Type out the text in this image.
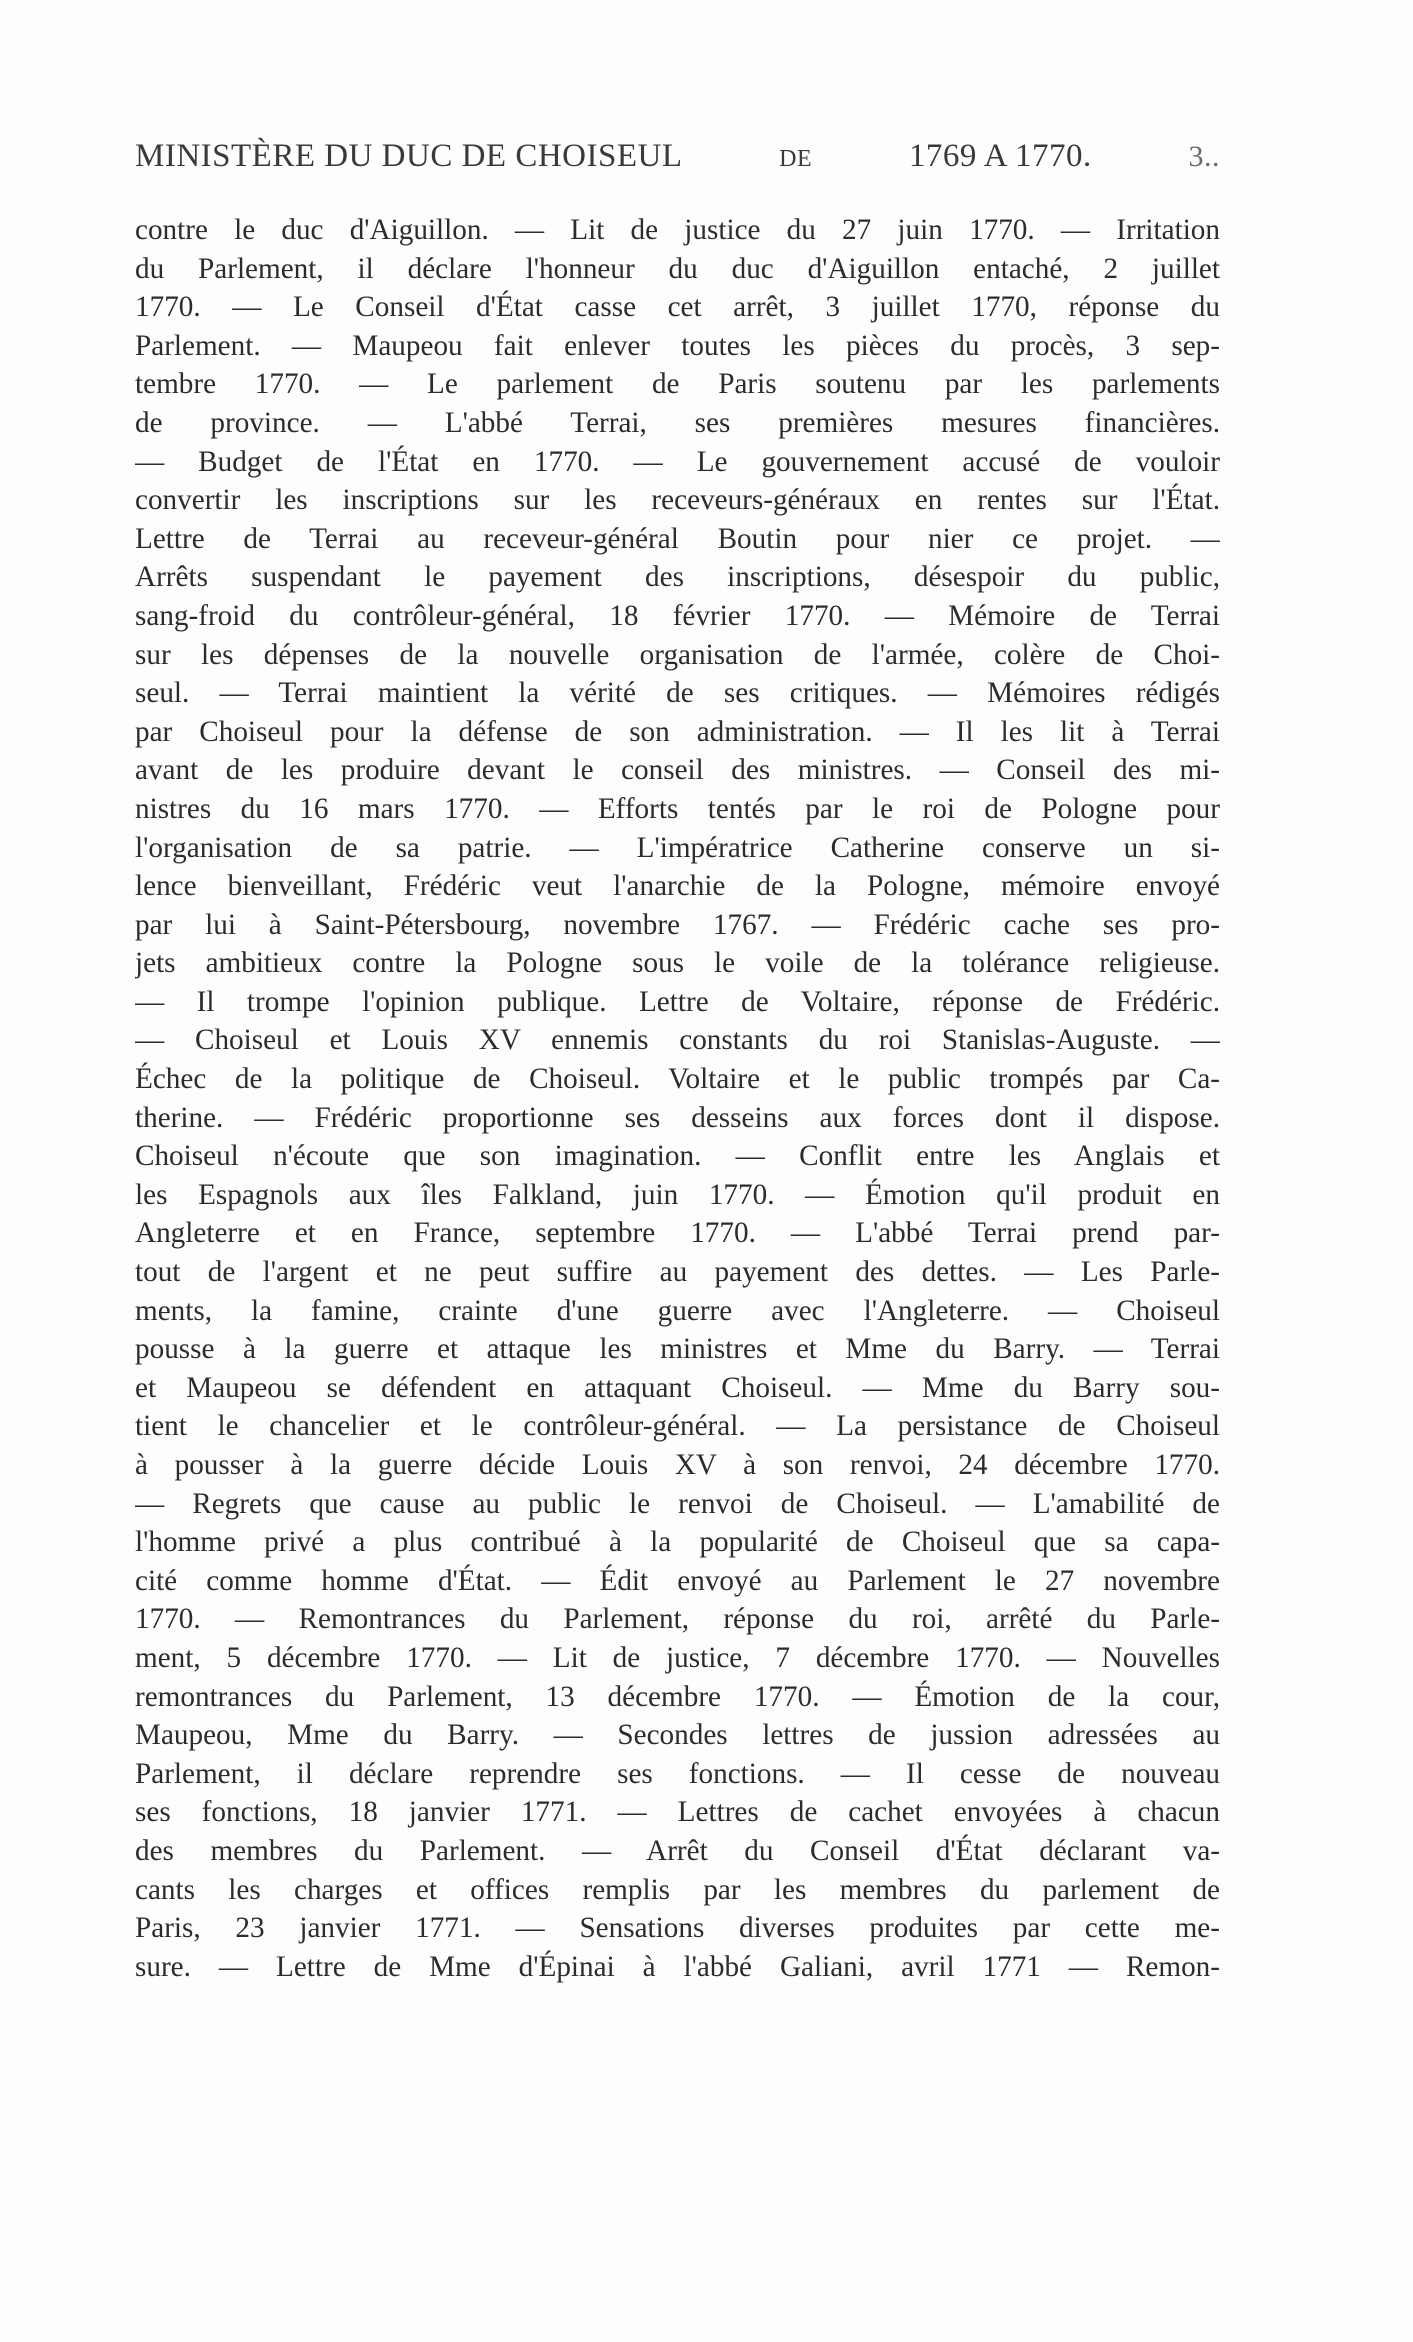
MINISTÈRE DU DUC DE CHOISEUL	DE	1769 A 1770.	3..
contre le duc d'Aiguillon. — Lit de justice du 27 juin 1770. — Irritation
du Parlement, il déclare l'honneur du duc d'Aiguillon entaché, 2 juillet
1770. — Le Conseil d'État casse cet arrêt, 3 juillet 1770, réponse du
Parlement. — Maupeou fait enlever toutes les pièces du procès, 3 sep-
tembre 1770. — Le parlement de Paris soutenu par les parlements
de province. — L'abbé Terrai, ses premières mesures financières.
— Budget de l'État en 1770. — Le gouvernement accusé de vouloir
convertir les inscriptions sur les receveurs-généraux en rentes sur l'État.
Lettre de Terrai au receveur-général Boutin pour nier ce projet. —
Arrêts suspendant le payement des inscriptions, désespoir du public,
sang-froid du contrôleur-général, 18 février 1770. — Mémoire de Terrai
sur les dépenses de la nouvelle organisation de l'armée, colère de Choi-
seul. — Terrai maintient la vérité de ses critiques. — Mémoires rédigés
par Choiseul pour la défense de son administration. — Il les lit à Terrai
avant de les produire devant le conseil des ministres. — Conseil des mi-
nistres du 16 mars 1770. — Efforts tentés par le roi de Pologne pour
l'organisation de sa patrie. — L'impératrice Catherine conserve un si-
lence bienveillant, Frédéric veut l'anarchie de la Pologne, mémoire envoyé
par lui à Saint-Pétersbourg, novembre 1767. — Frédéric cache ses pro-
jets ambitieux contre la Pologne sous le voile de la tolérance religieuse.
— Il trompe l'opinion publique. Lettre de Voltaire, réponse de Frédéric.
— Choiseul et Louis XV ennemis constants du roi Stanislas-Auguste. —
Échec de la politique de Choiseul. Voltaire et le public trompés par Ca-
therine. — Frédéric proportionne ses desseins aux forces dont il dispose.
Choiseul n'écoute que son imagination. — Conflit entre les Anglais et
les Espagnols aux îles Falkland, juin 1770. — Émotion qu'il produit en
Angleterre et en France, septembre 1770. — L'abbé Terrai prend par-
tout de l'argent et ne peut suffire au payement des dettes. — Les Parle-
ments, la famine, crainte d'une guerre avec l'Angleterre. — Choiseul
pousse à la guerre et attaque les ministres et Mme du Barry. — Terrai
et Maupeou se défendent en attaquant Choiseul. — Mme du Barry sou-
tient le chancelier et le contrôleur-général. — La persistance de Choiseul
à pousser à la guerre décide Louis XV à son renvoi, 24 décembre 1770.
— Regrets que cause au public le renvoi de Choiseul. — L'amabilité de
l'homme privé a plus contribué à la popularité de Choiseul que sa capa-
cité comme homme d'État. — Édit envoyé au Parlement le 27 novembre
1770. — Remontrances du Parlement, réponse du roi, arrêté du Parle-
ment, 5 décembre 1770. — Lit de justice, 7 décembre 1770. — Nouvelles
remontrances du Parlement, 13 décembre 1770. — Émotion de la cour,
Maupeou, Mme du Barry. — Secondes lettres de jussion adressées au
Parlement, il déclare reprendre ses fonctions. — Il cesse de nouveau
ses fonctions, 18 janvier 1771. — Lettres de cachet envoyées à chacun
des membres du Parlement. — Arrêt du Conseil d'État déclarant va-
cants les charges et offices remplis par les membres du parlement de
Paris, 23 janvier 1771. — Sensations diverses produites par cette me-
sure. — Lettre de Mme d'Épinai à l'abbé Galiani, avril 1771 — Remon-
